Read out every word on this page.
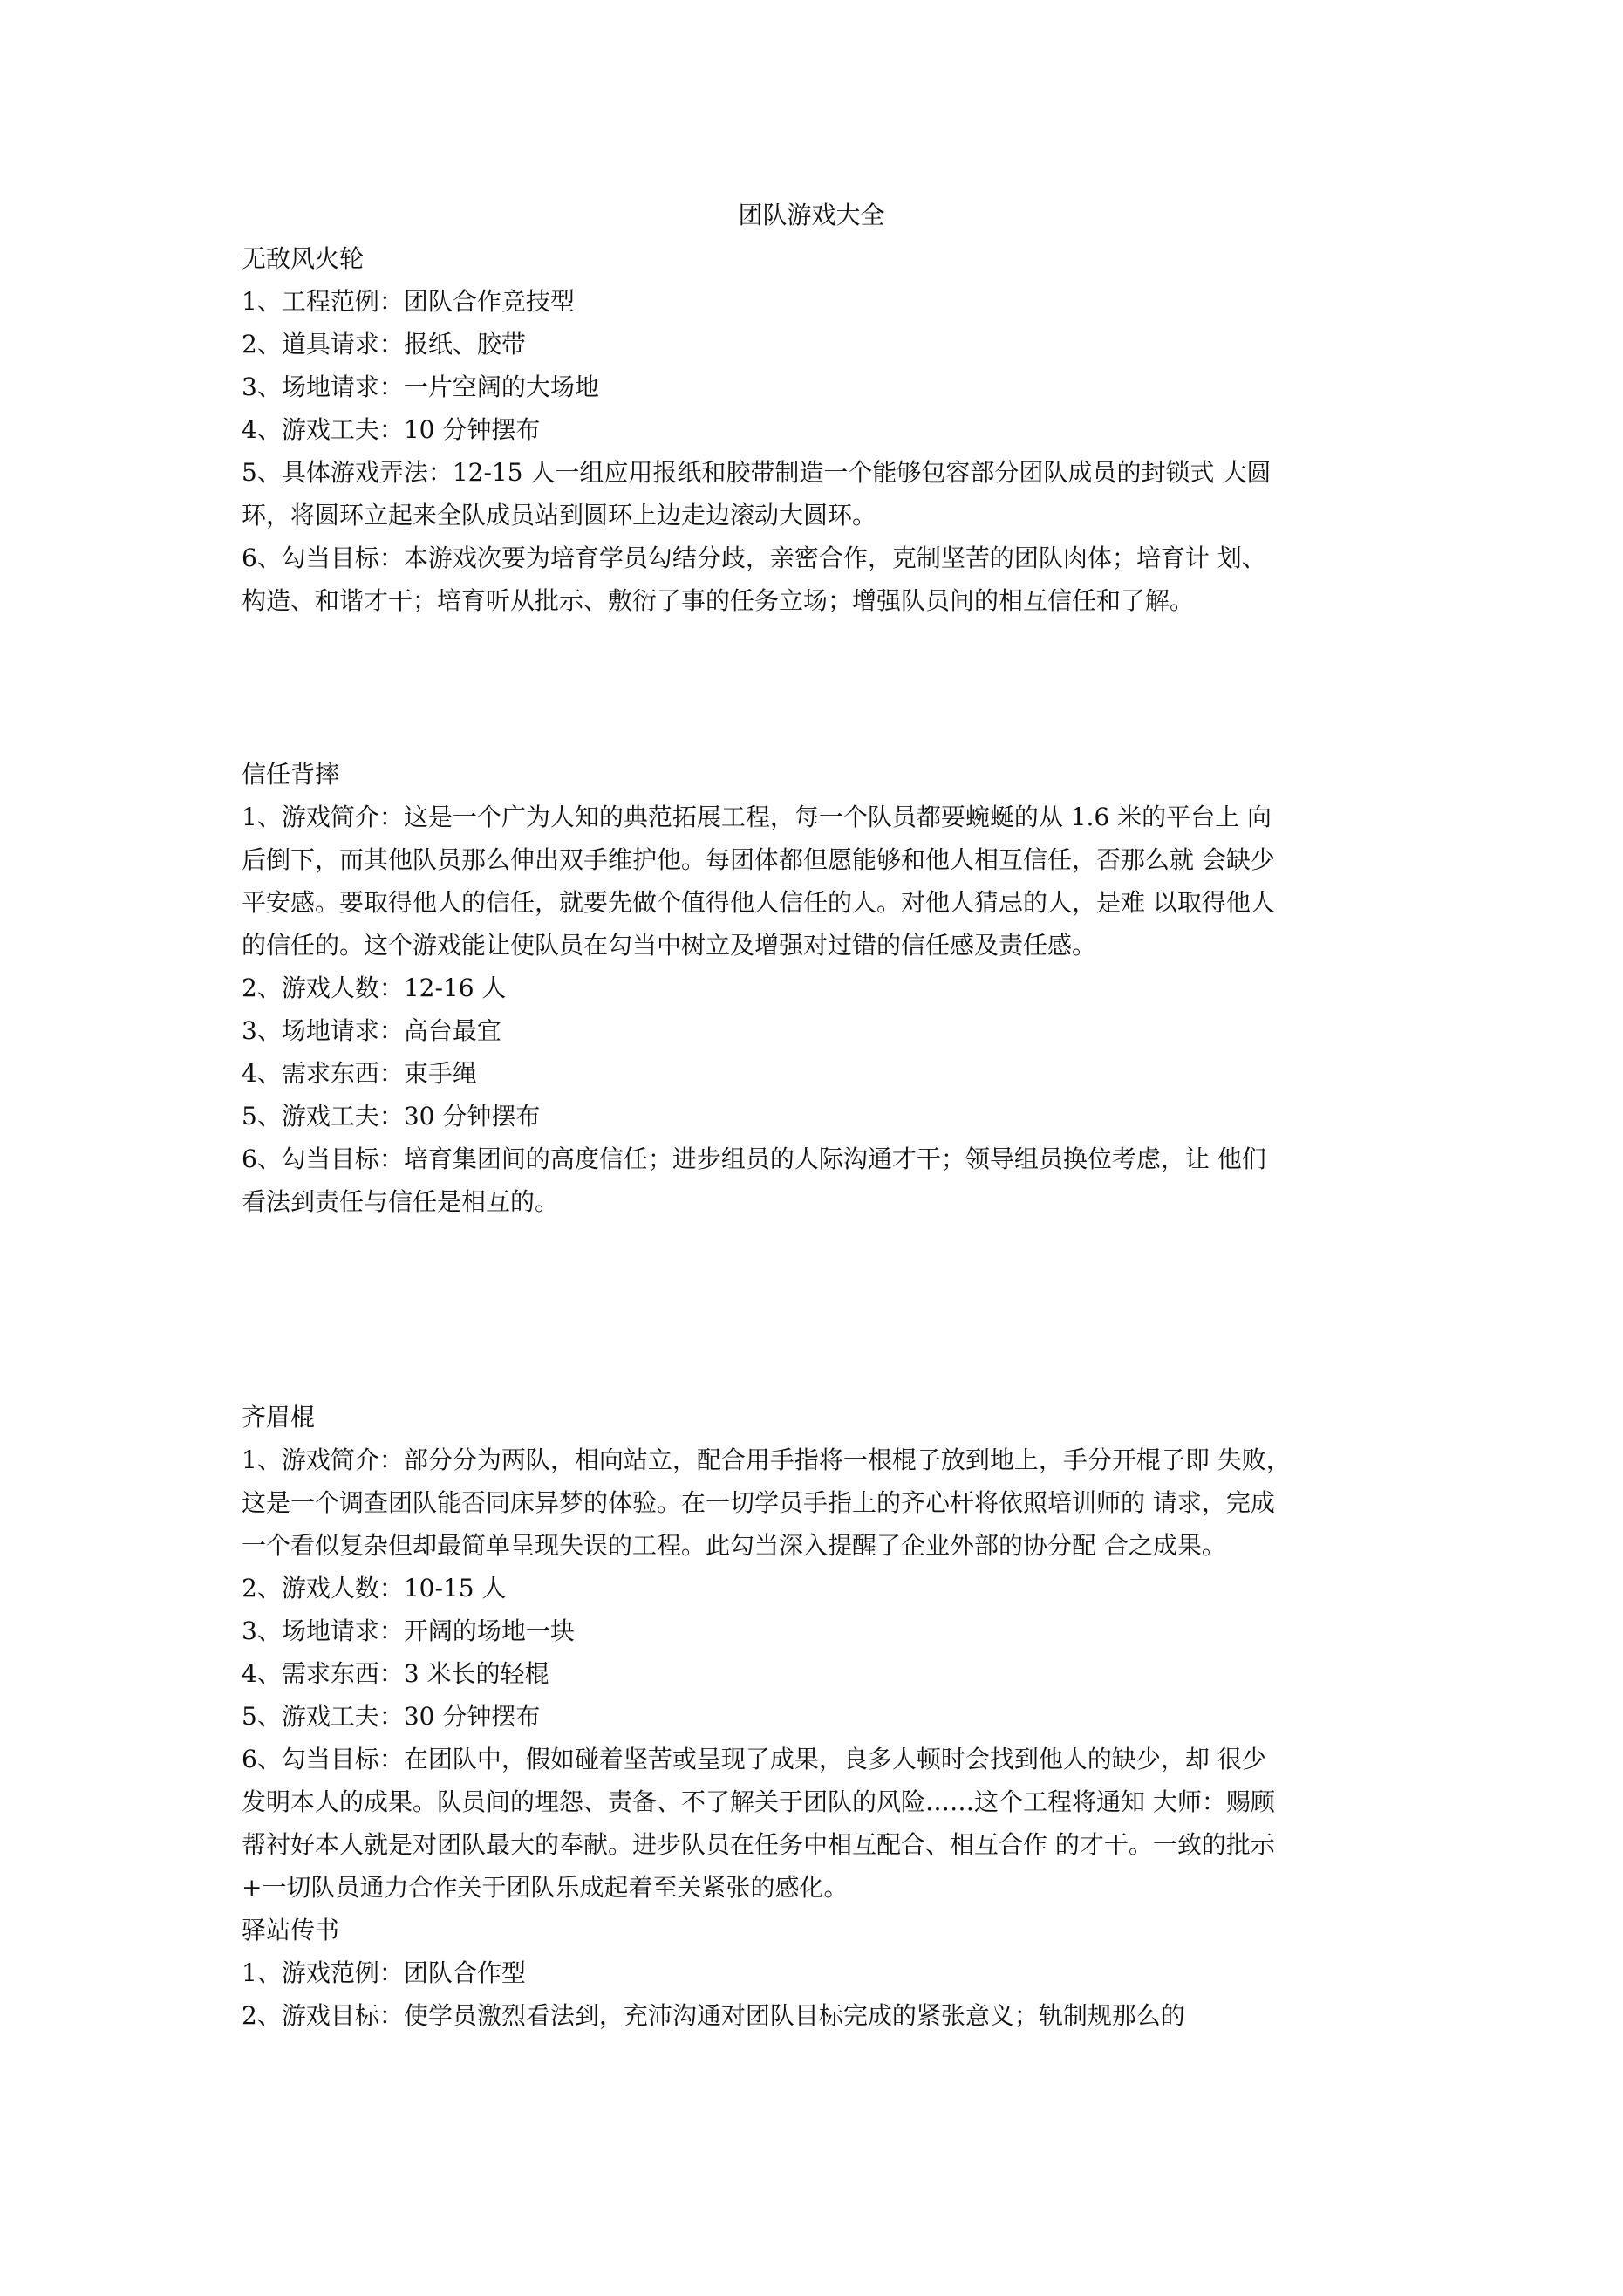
团队游戏大全

无敌风火轮

1、工程范例：团队合作竞技型

2、道具请求：报纸、胶带

3、场地请求：一片空阔的大场地

4、游戏工夫：10 分钟摆布

5、具体游戏弄法：12-15 人一组应用报纸和胶带制造一个能够包容部分团队成员的封锁式 大圆
环，将圆环立起来全队成员站到圆环上边走边滚动大圆环。

6、勾当目标：本游戏次要为培育学员勾结分歧，亲密合作，克制坚苦的团队肉体；培育计 划、
构造、和谐才干；培育听从批示、敷衍了事的任务立场；增强队员间的相互信任和了解。

信任背摔

1、游戏简介：这是一个广为人知的典范拓展工程，每一个队员都要蜿蜒的从 1.6 米的平台上 向
后倒下，而其他队员那么伸出双手维护他。每团体都但愿能够和他人相互信任，否那么就 会缺少
平安感。要取得他人的信任，就要先做个值得他人信任的人。对他人猜忌的人，是难 以取得他人
的信任的。这个游戏能让使队员在勾当中树立及增强对过错的信任感及责任感。

2、游戏人数：12-16 人

3、场地请求：高台最宜

4、需求东西：束手绳

5、游戏工夫：30 分钟摆布

6、勾当目标：培育集团间的高度信任；进步组员的人际沟通才干；领导组员换位考虑，让 他们
看法到责任与信任是相互的。

齐眉棍

1、游戏简介：部分分为两队，相向站立，配合用手指将一根棍子放到地上，手分开棍子即 失败，
这是一个调查团队能否同床异梦的体验。在一切学员手指上的齐心杆将依照培训师的 请求，完成
一个看似复杂但却最简单呈现失误的工程。此勾当深入提醒了企业外部的协分配 合之成果。

2、游戏人数：10-15 人

3、场地请求：开阔的场地一块

4、需求东西：3 米长的轻棍

5、游戏工夫：30 分钟摆布

6、勾当目标：在团队中，假如碰着坚苦或呈现了成果，良多人顿时会找到他人的缺少，却 很少
发明本人的成果。队员间的埋怨、责备、不了解关于团队的风险……这个工程将通知 大师：赐顾
帮衬好本人就是对团队最大的奉献。进步队员在任务中相互配合、相互合作 的才干。一致的批示
+一切队员通力合作关于团队乐成起着至关紧张的感化。

驿站传书

1、游戏范例：团队合作型

2、游戏目标：使学员激烈看法到，充沛沟通对团队目标完成的紧张意义；轨制规那么的
